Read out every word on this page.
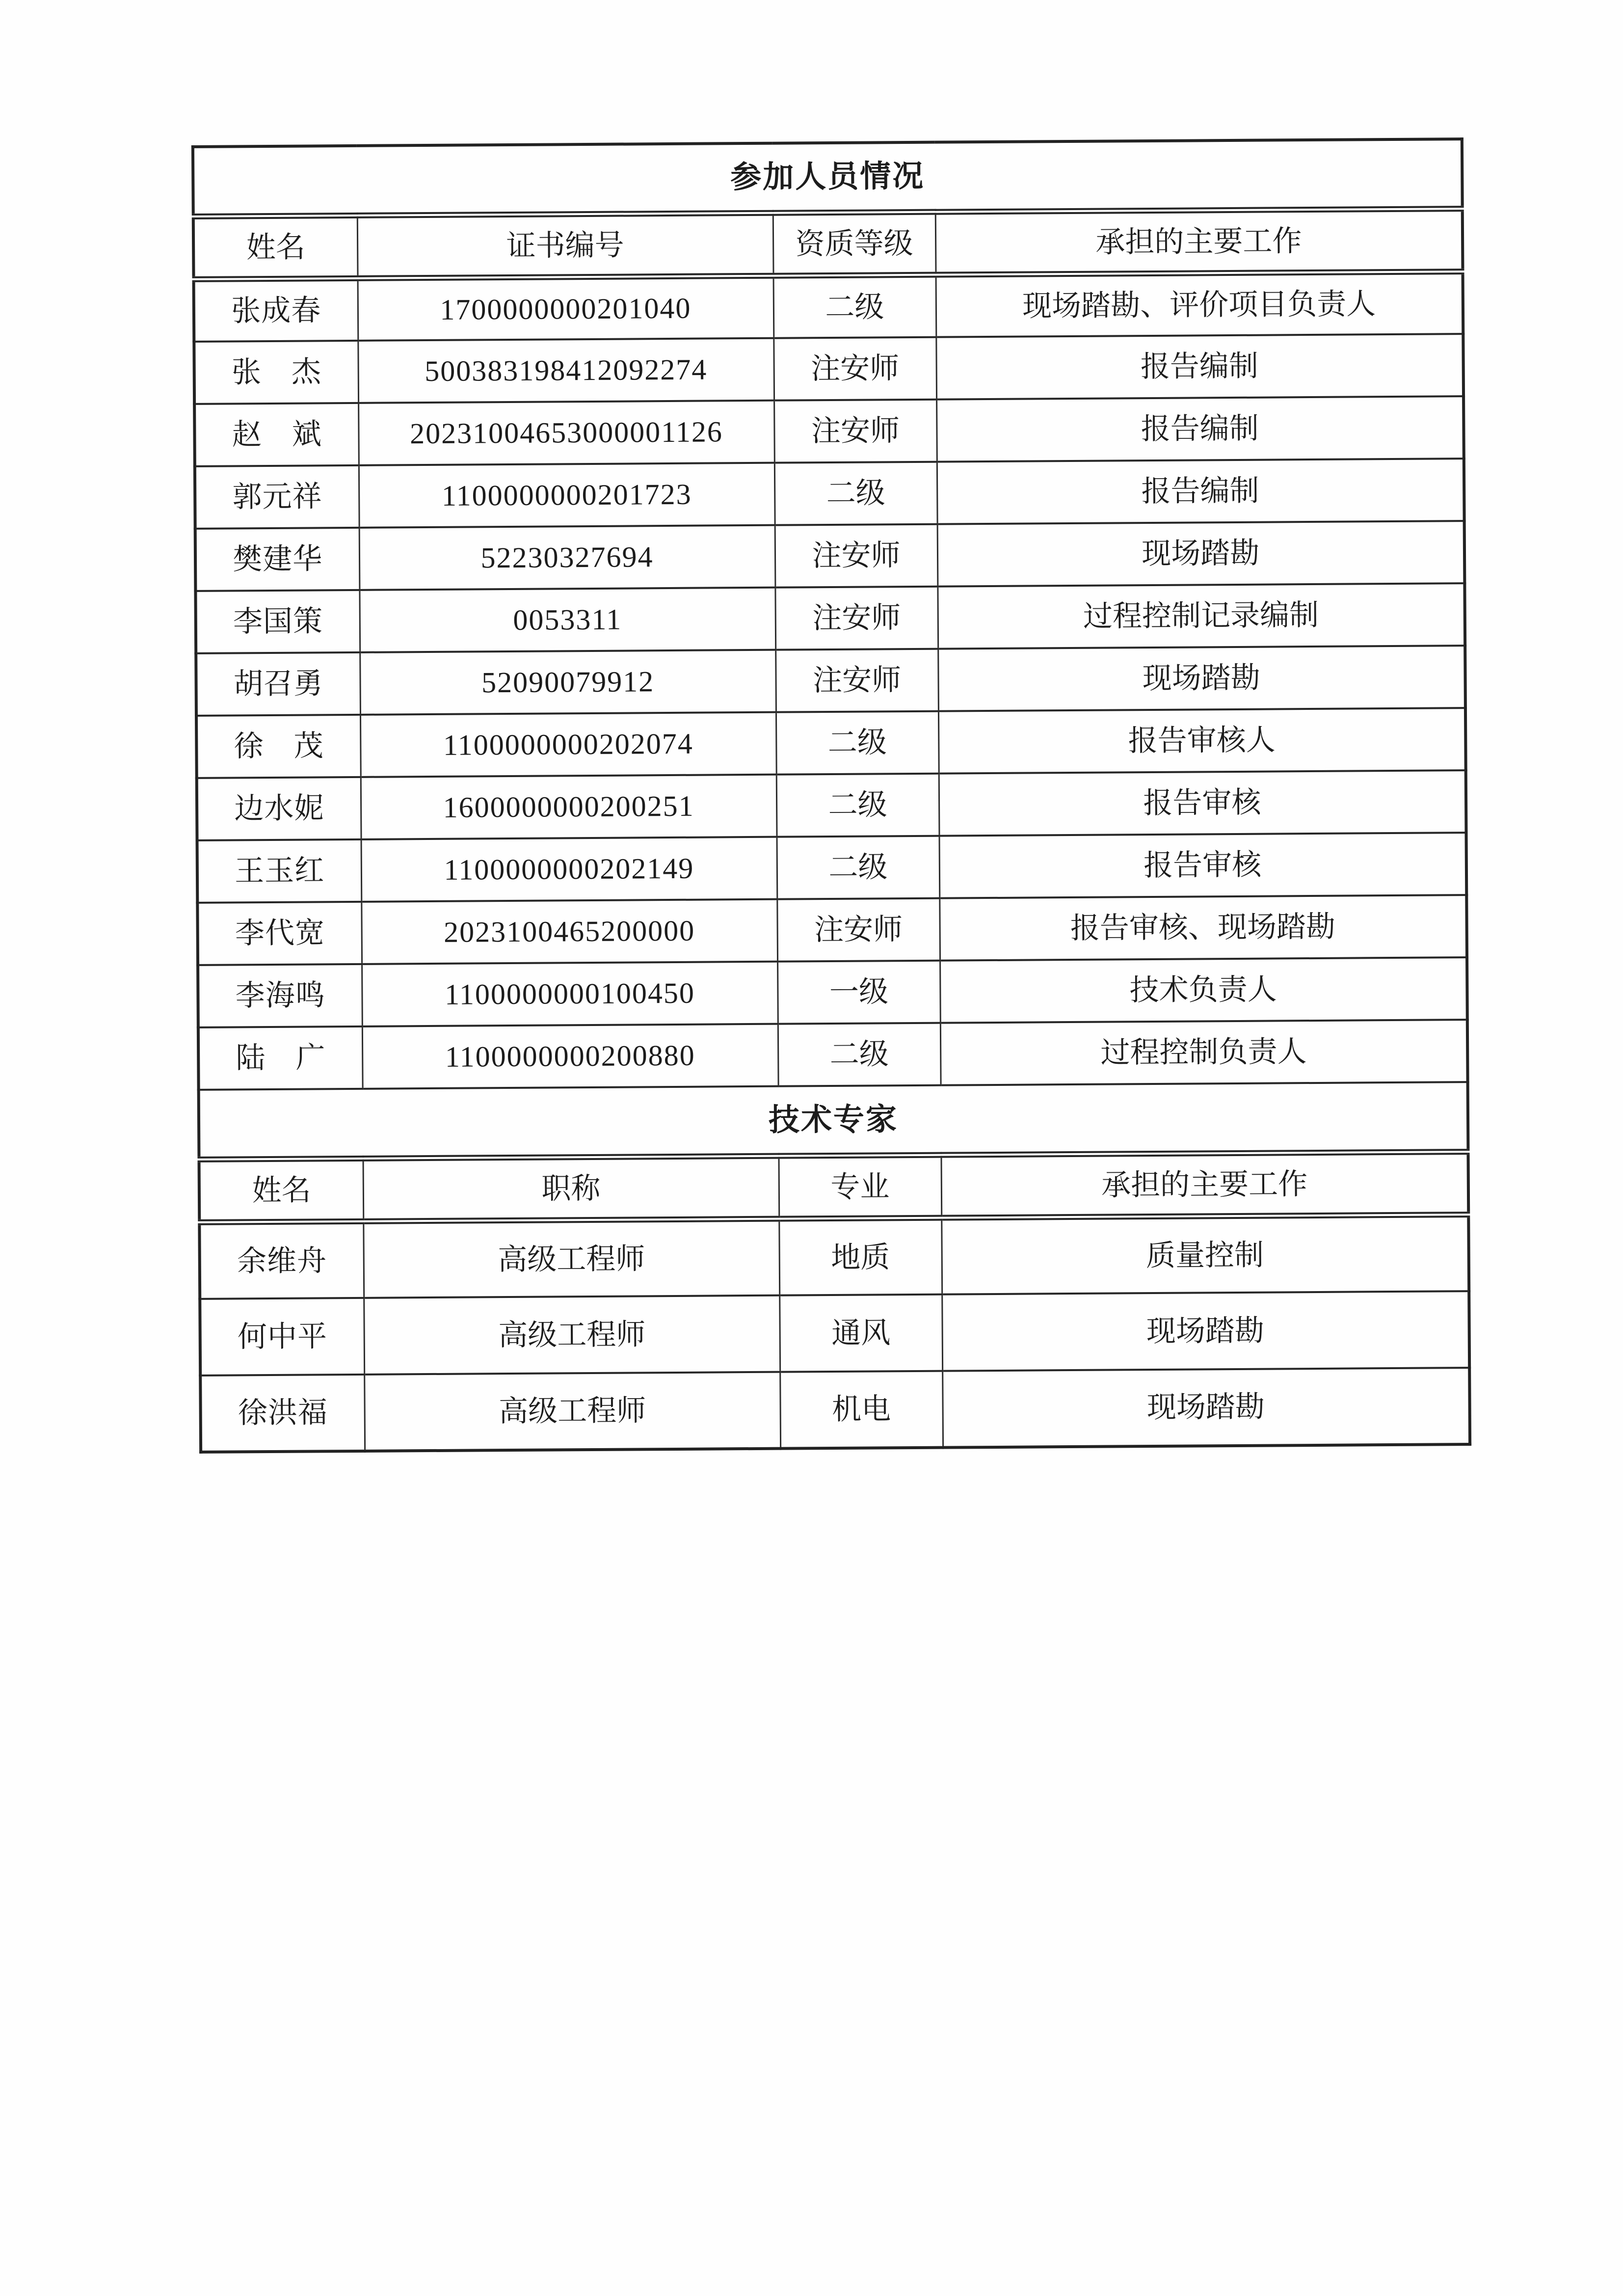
参加人员情况			
姓名	证书编号	资质等级	承担的主要工作
张成春	1700000000201040	二级	现场踏勘、评价项目负责人
张　杰	500383198412092274	注安师	报告编制
赵　斌	20231004653000001126	注安师	报告编制
郭元祥	1100000000201723	二级	报告编制
樊建华	52230327694	注安师	现场踏勘
李国策	0053311	注安师	过程控制记录编制
胡召勇	52090079912	注安师	现场踏勘
徐　茂	1100000000202074	二级	报告审核人
边水妮	1600000000200251	二级	报告审核
王玉红	1100000000202149	二级	报告审核
李代宽	2023100465200000	注安师	报告审核、现场踏勘
李海鸣	1100000000100450	一级	技术负责人
陆　广	1100000000200880	二级	过程控制负责人
技术专家			
姓名	职称	专业	承担的主要工作
余维舟	高级工程师	地质	质量控制
何中平	高级工程师	通风	现场踏勘
徐洪福	高级工程师	机电	现场踏勘
